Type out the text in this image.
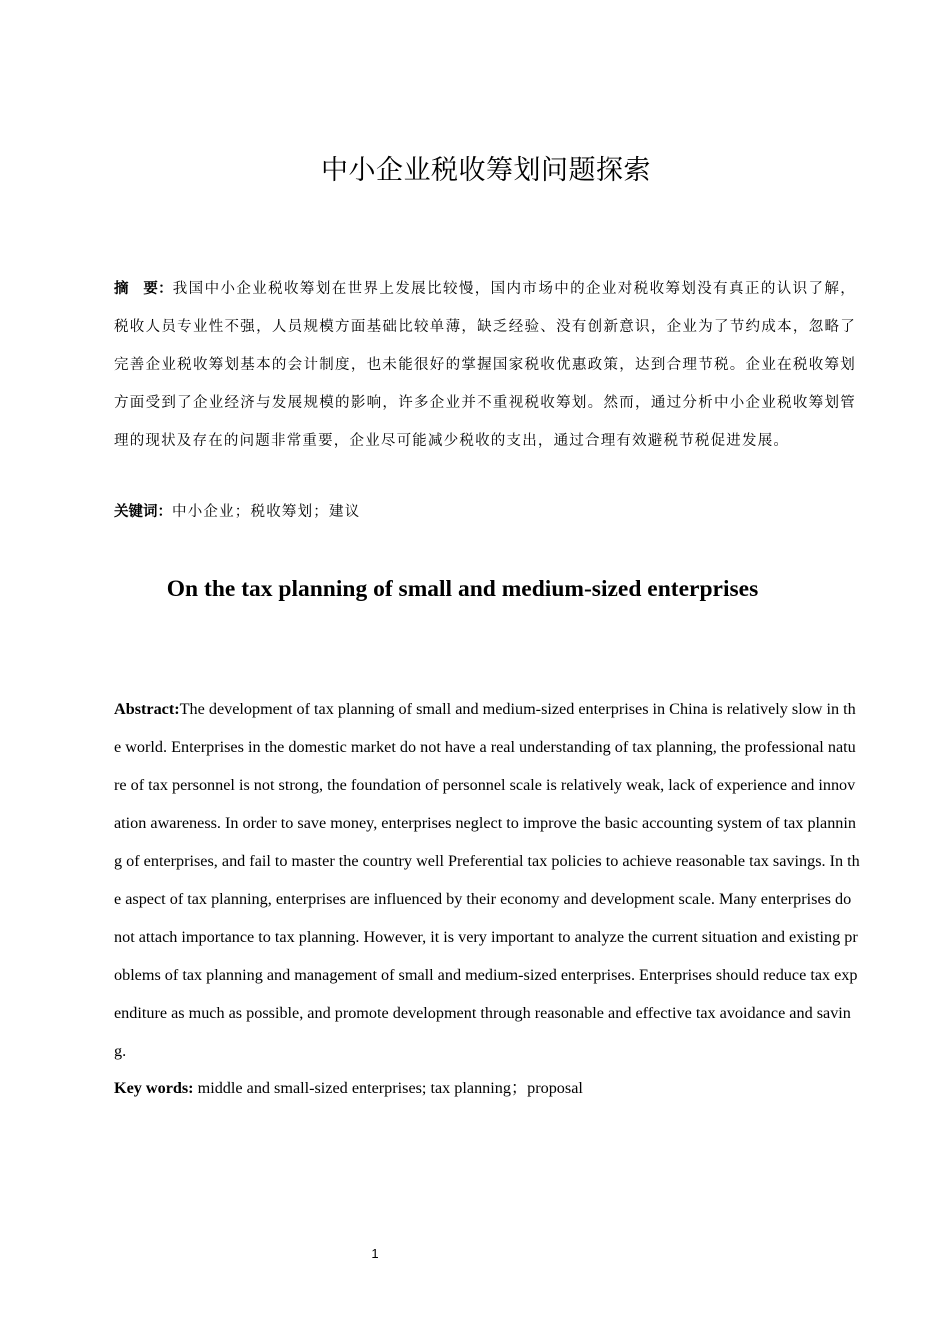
中小企业税收筹划问题探索

摘　要：我国中小企业税收筹划在世界上发展比较慢，国内市场中的企业对税收筹划没有真正的认识了解，税收人员专业性不强，人员规模方面基础比较单薄，缺乏经验、没有创新意识，企业为了节约成本，忽略了完善企业税收筹划基本的会计制度，也未能很好的掌握国家税收优惠政策，达到合理节税。企业在税收筹划方面受到了企业经济与发展规模的影响，许多企业并不重视税收筹划。然而，通过分析中小企业税收筹划管理的现状及存在的问题非常重要，企业尽可能减少税收的支出，通过合理有效避税节税促进发展。

关键词：中小企业；税收筹划；建议

On the tax planning of small and medium-sized enterprises

Abstract:The development of tax planning of small and medium-sized enterprises in China is relatively slow in the world. Enterprises in the domestic market do not have a real understanding of tax planning, the professional nature of tax personnel is not strong, the foundation of personnel scale is relatively weak, lack of experience and innovation awareness. In order to save money, enterprises neglect to improve the basic accounting system of tax planning of enterprises, and fail to master the country well Preferential tax policies to achieve reasonable tax savings. In the aspect of tax planning, enterprises are influenced by their economy and development scale. Many enterprises do not attach importance to tax planning. However, it is very important to analyze the current situation and existing problems of tax planning and management of small and medium-sized enterprises. Enterprises should reduce tax expenditure as much as possible, and promote development through reasonable and effective tax avoidance and saving.

Key words: middle and small-sized enterprises; tax planning；proposal

1
